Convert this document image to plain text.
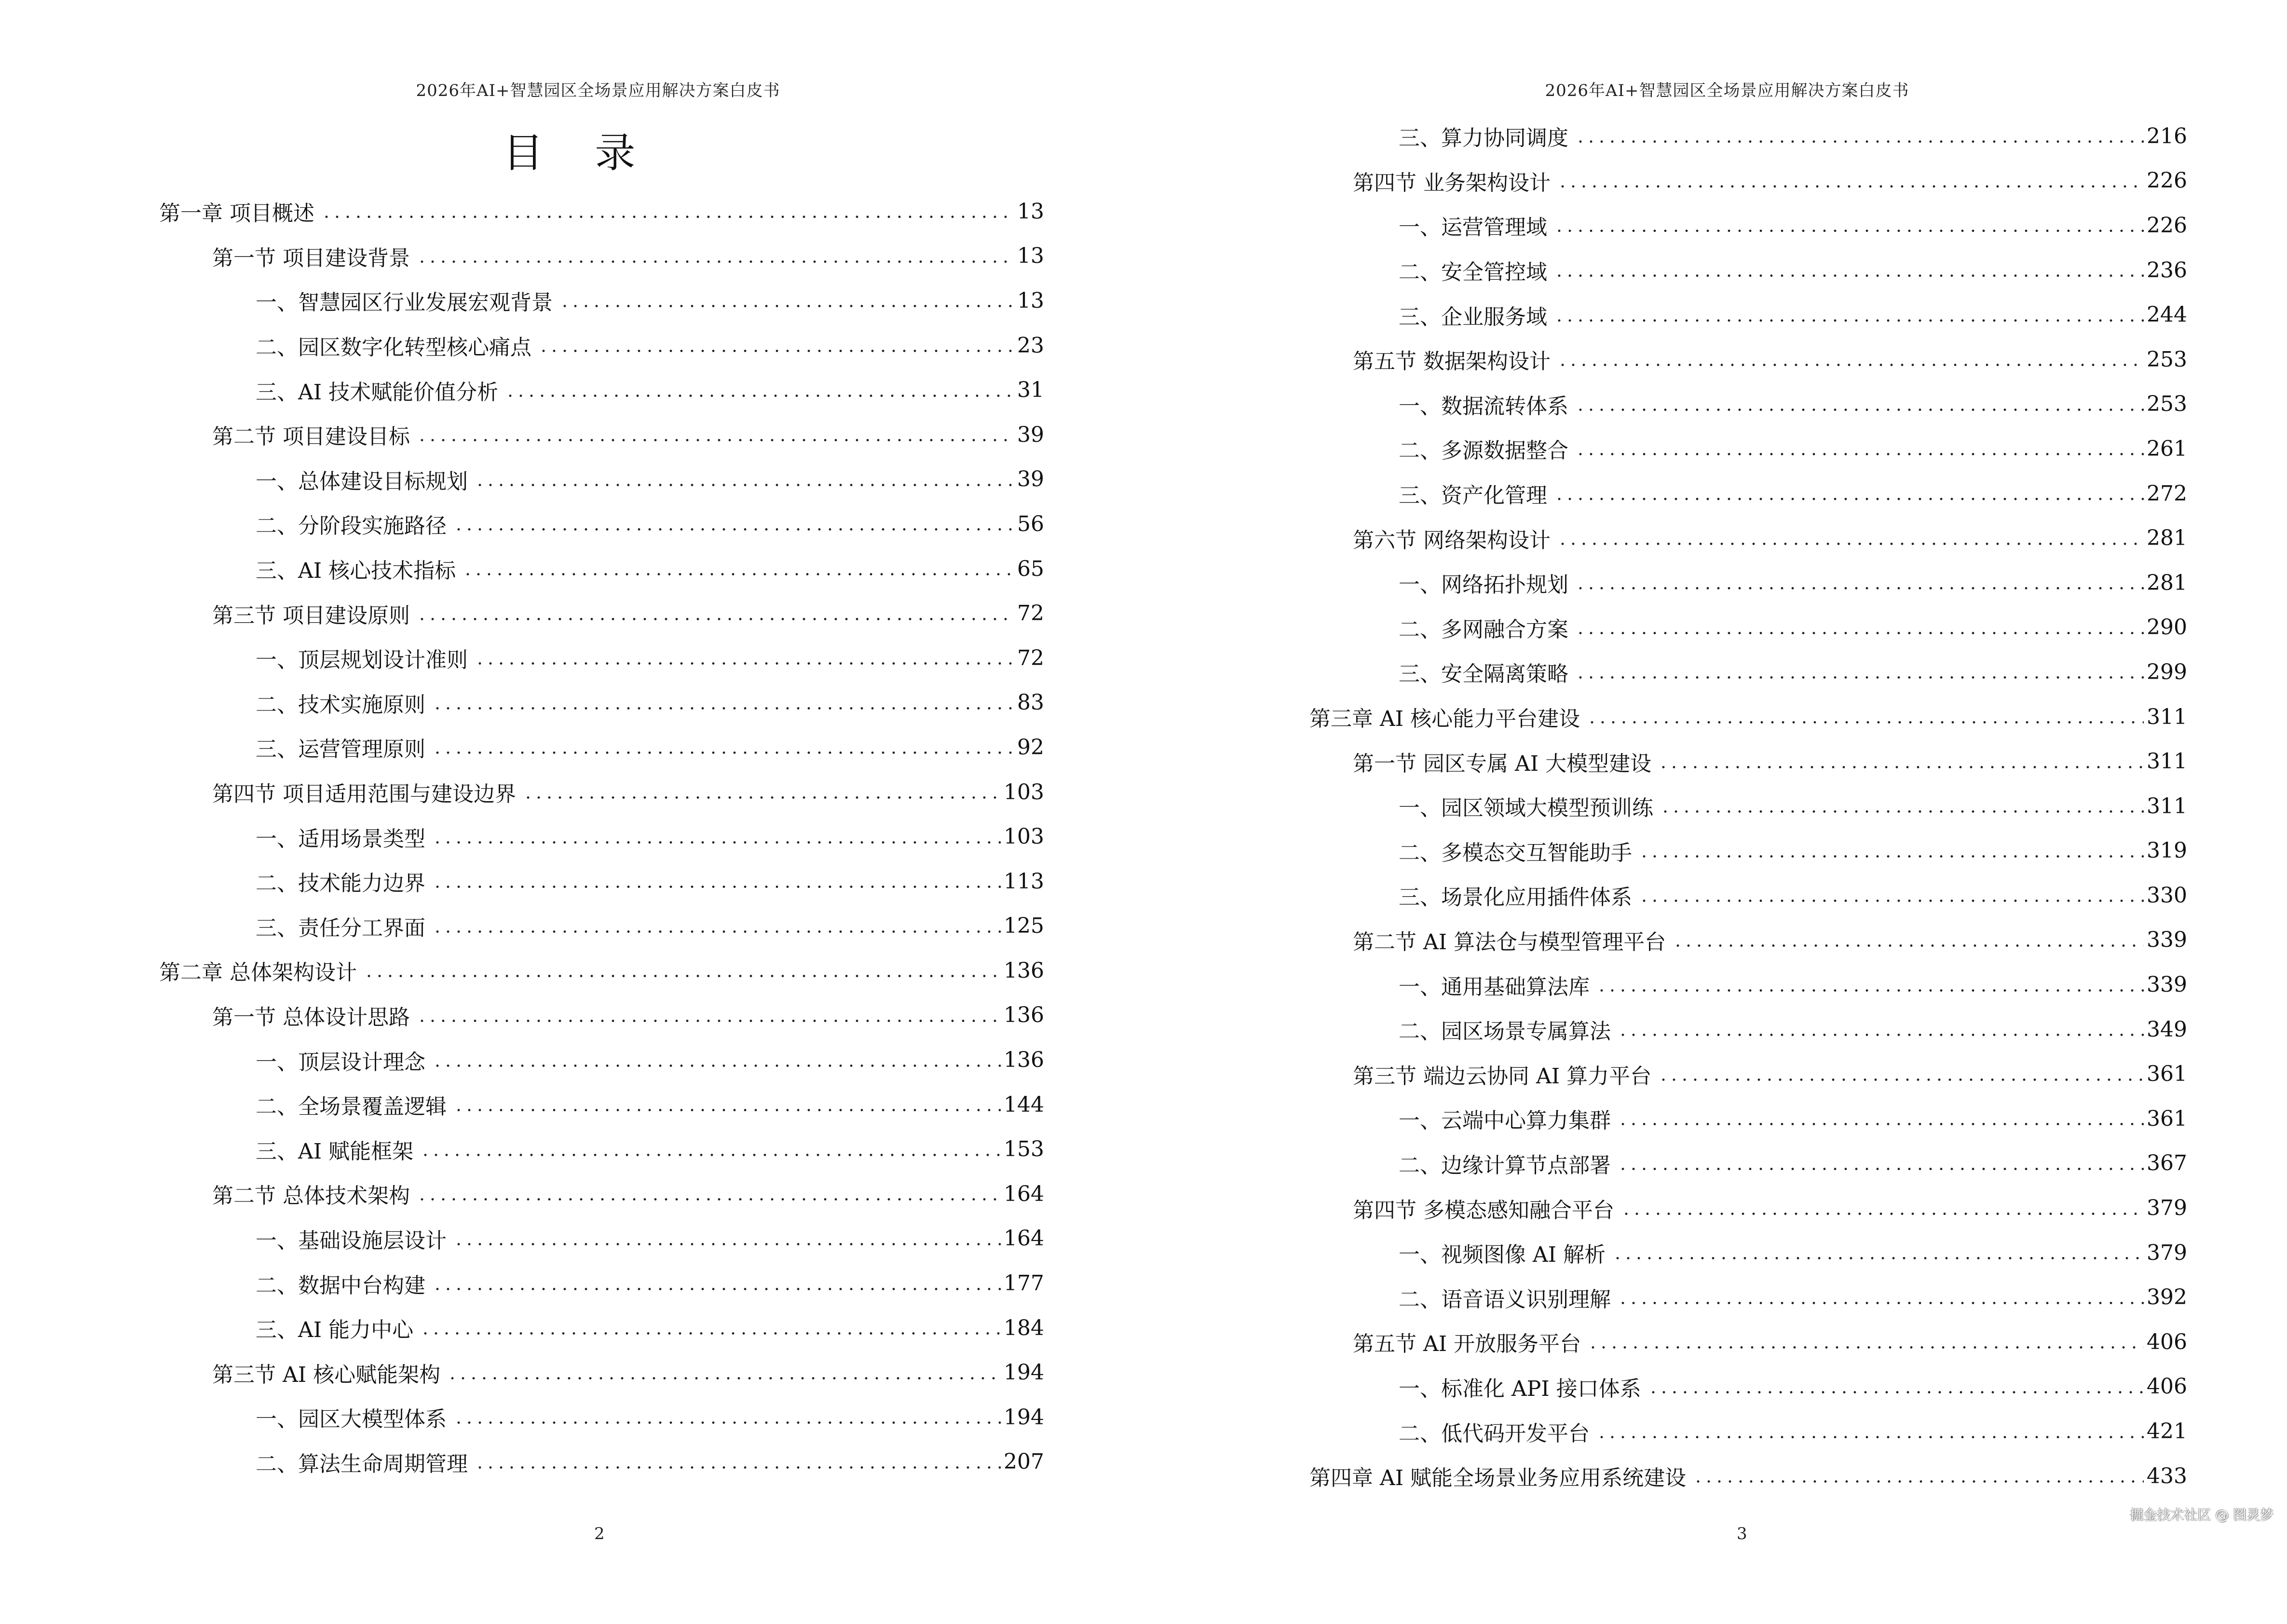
2026年AI+智慧园区全场景应用解决方案白皮书
目 录
第一章 项目概述	13
第一节 项目建设背景	13
一、智慧园区行业发展宏观背景	13
二、园区数字化转型核心痛点	23
三、AI 技术赋能价值分析	31
第二节 项目建设目标	39
一、总体建设目标规划	39
二、分阶段实施路径	56
三、AI 核心技术指标	65
第三节 项目建设原则	72
一、顶层规划设计准则	72
二、技术实施原则	83
三、运营管理原则	92
第四节 项目适用范围与建设边界	103
一、适用场景类型	103
二、技术能力边界	113
三、责任分工界面	125
第二章 总体架构设计	136
第一节 总体设计思路	136
一、顶层设计理念	136
二、全场景覆盖逻辑	144
三、AI 赋能框架	153
第二节 总体技术架构	164
一、基础设施层设计	164
二、数据中台构建	177
三、AI 能力中心	184
第三节 AI 核心赋能架构	194
一、园区大模型体系	194
二、算法生命周期管理	207
2
2026年AI+智慧园区全场景应用解决方案白皮书
三、算力协同调度	216
第四节 业务架构设计	226
一、运营管理域	226
二、安全管控域	236
三、企业服务域	244
第五节 数据架构设计	253
一、数据流转体系	253
二、多源数据整合	261
三、资产化管理	272
第六节 网络架构设计	281
一、网络拓扑规划	281
二、多网融合方案	290
三、安全隔离策略	299
第三章 AI 核心能力平台建设	311
第一节 园区专属 AI 大模型建设	311
一、园区领域大模型预训练	311
二、多模态交互智能助手	319
三、场景化应用插件体系	330
第二节 AI 算法仓与模型管理平台	339
一、通用基础算法库	339
二、园区场景专属算法	349
第三节 端边云协同 AI 算力平台	361
一、云端中心算力集群	361
二、边缘计算节点部署	367
第四节 多模态感知融合平台	379
一、视频图像 AI 解析	379
二、语音语义识别理解	392
第五节 AI 开放服务平台	406
一、标准化 API 接口体系	406
二、低代码开发平台	421
第四章 AI 赋能全场景业务应用系统建设	433
3
掘金技术社区 @ 图灵梦
